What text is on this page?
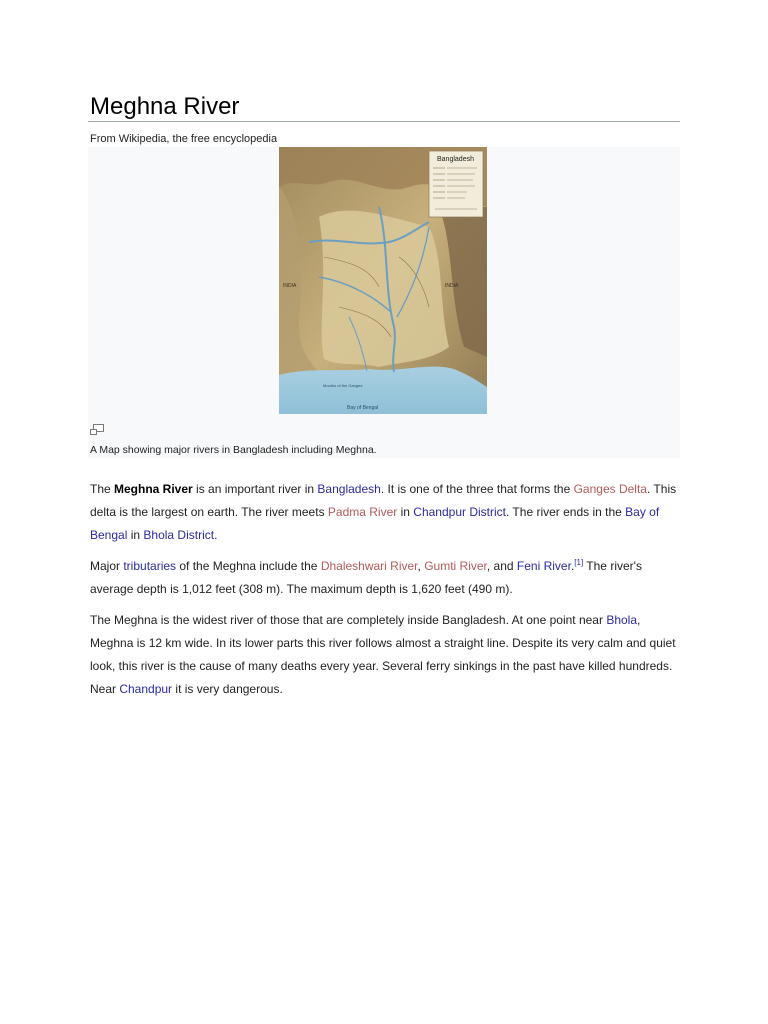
Meghna River
From Wikipedia, the free encyclopedia
Bangladesh
INDIA	INDIA
Mouths of the Ganges
Bay of Bengal
A Map showing major rivers in Bangladesh including Meghna.

The Meghna River is an important river in Bangladesh. It is one of the three that forms the Ganges Delta. This delta is the largest on earth. The river meets Padma River in Chandpur District. The river ends in the Bay of Bengal in Bhola District.

Major tributaries of the Meghna include the Dhaleshwari River, Gumti River, and Feni River.[1] The river's average depth is 1,012 feet (308 m). The maximum depth is 1,620 feet (490 m).

The Meghna is the widest river of those that are completely inside Bangladesh. At one point near Bhola, Meghna is 12 km wide. In its lower parts this river follows almost a straight line. Despite its very calm and quiet look, this river is the cause of many deaths every year. Several ferry sinkings in the past have killed hundreds. Near Chandpur it is very dangerous.
